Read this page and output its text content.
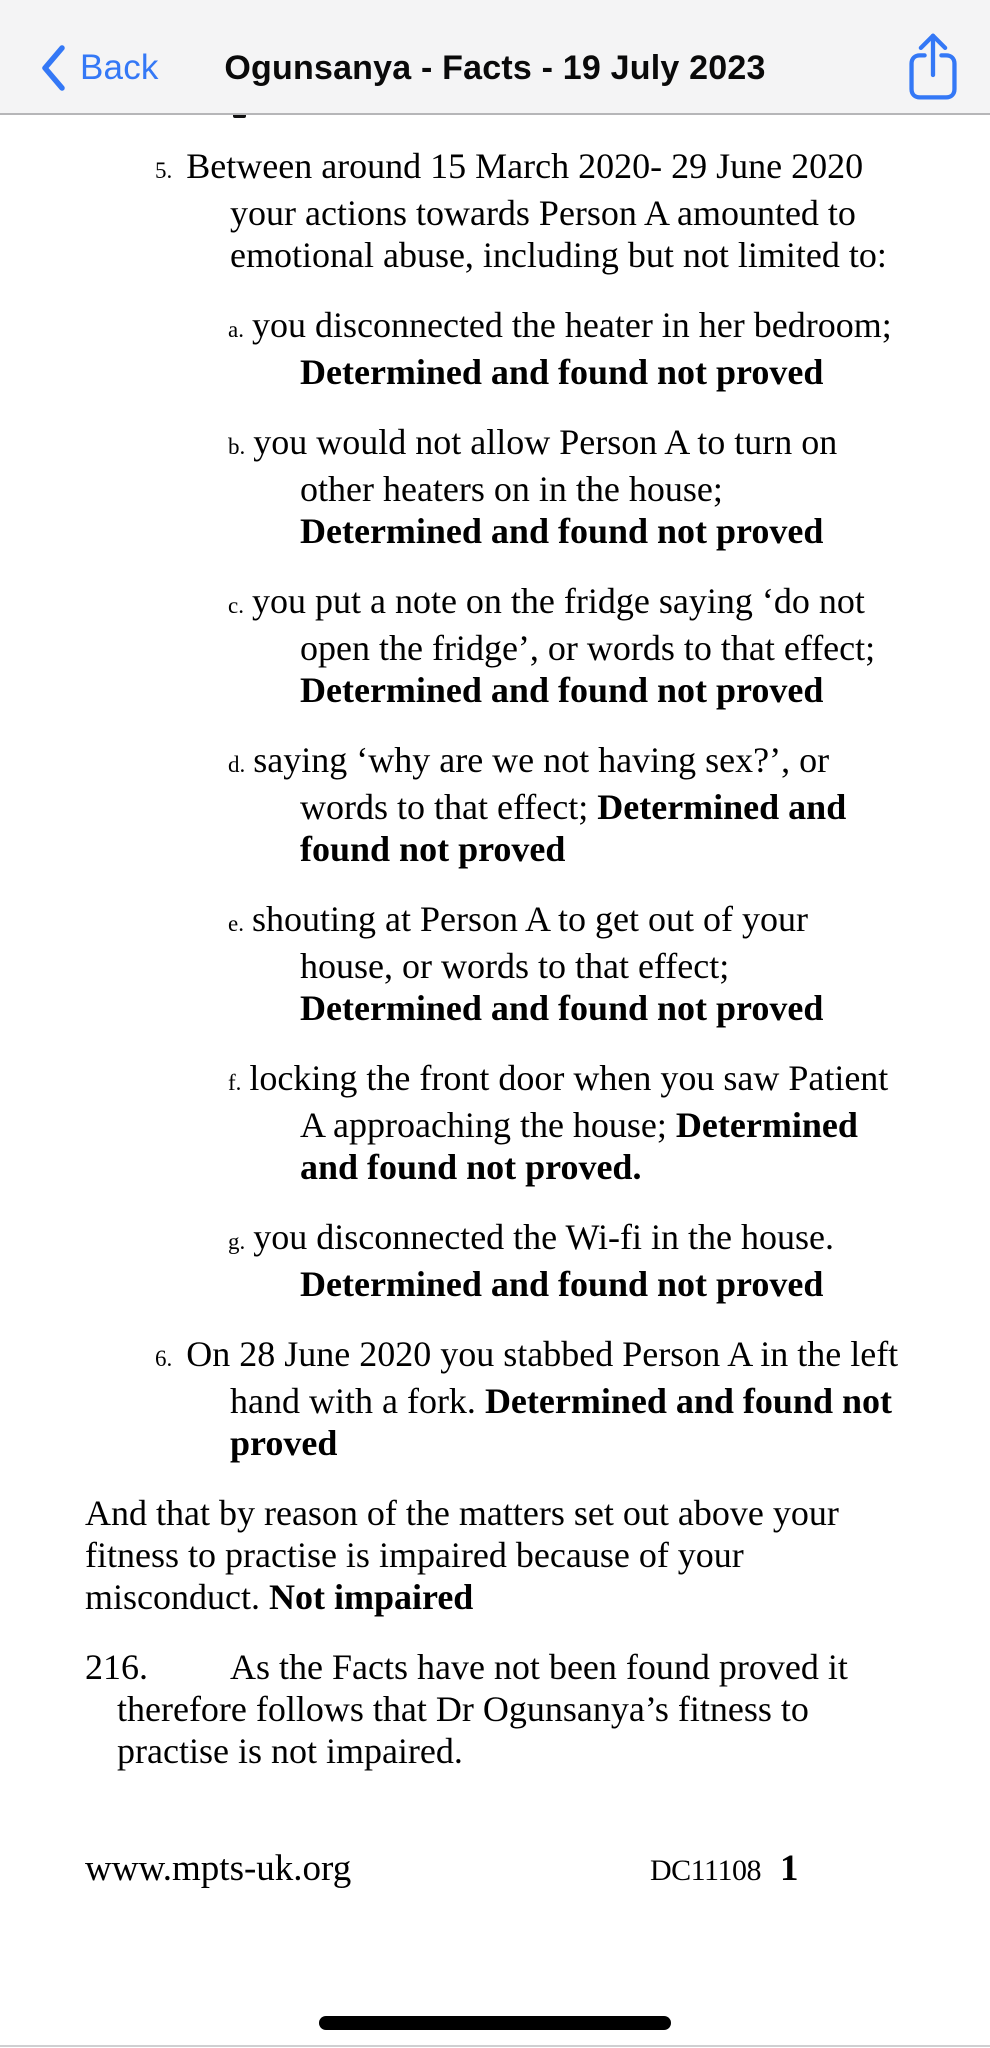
Back	Ogunsanya - Facts - 19 July 2023
5. Between around 15 March 2020- 29 June 2020
your actions towards Person A amounted to
emotional abuse, including but not limited to:
a. you disconnected the heater in her bedroom;
Determined and found not proved
b. you would not allow Person A to turn on
other heaters on in the house;
Determined and found not proved
c. you put a note on the fridge saying ‘do not
open the fridge’, or words to that effect;
Determined and found not proved
d. saying ‘why are we not having sex?’, or
words to that effect; Determined and
found not proved
e. shouting at Person A to get out of your
house, or words to that effect;
Determined and found not proved
f. locking the front door when you saw Patient
A approaching the house; Determined
and found not proved.
g. you disconnected the Wi-fi in the house.
Determined and found not proved
6. On 28 June 2020 you stabbed Person A in the left
hand with a fork. Determined and found not
proved
And that by reason of the matters set out above your
fitness to practise is impaired because of your
misconduct. Not impaired
216. As the Facts have not been found proved it
therefore follows that Dr Ogunsanya’s fitness to
practise is not impaired.
www.mpts-uk.org	DC11108 1
